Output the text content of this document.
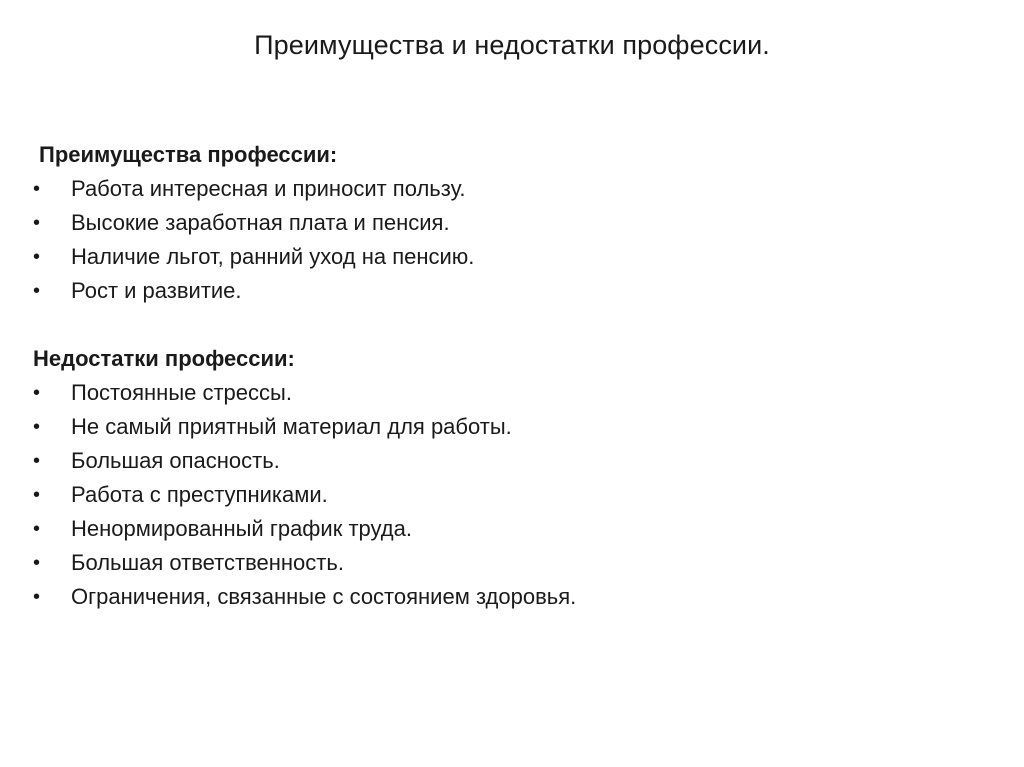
Преимущества и недостатки профессии.
Преимущества профессии:
•	Работа интересная и приносит пользу.
•	Высокие заработная плата и пенсия.
•	Наличие льгот, ранний уход на пенсию.
•	Рост и развитие.
Недостатки профессии:
•	Постоянные стрессы.
•	Не самый приятный материал для работы.
•	Большая опасность.
•	Работа с преступниками.
•	Ненормированный график труда.
•	Большая ответственность.
•	Ограничения, связанные с состоянием здоровья.
